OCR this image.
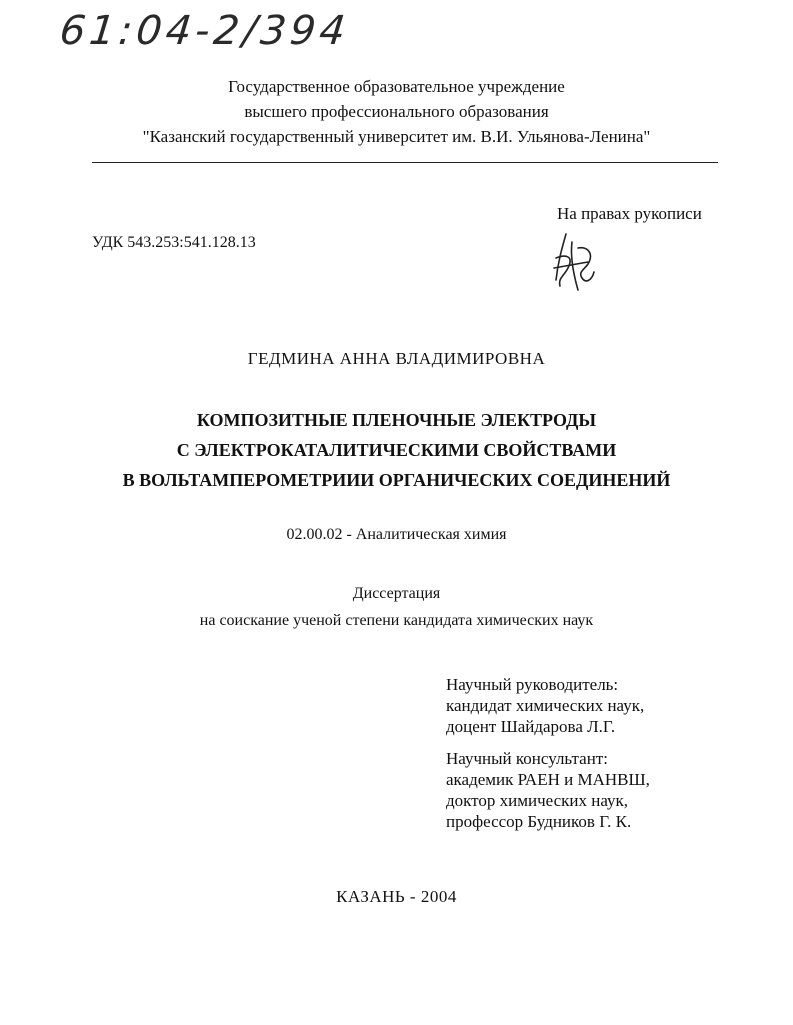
61:04-2/394
Государственное образовательное учреждение
высшего профессионального образования
"Казанский государственный университет им. В.И. Ульянова-Ленина"
На правах рукописи
УДК 543.253:541.128.13
ГЕДМИНА АННА ВЛАДИМИРОВНА
КОМПОЗИТНЫЕ ПЛЕНОЧНЫЕ ЭЛЕКТРОДЫ
С ЭЛЕКТРОКАТАЛИТИЧЕСКИМИ СВОЙСТВАМИ
В ВОЛЬТАМПЕРОМЕТРИИИ ОРГАНИЧЕСКИХ СОЕДИНЕНИЙ
02.00.02 - Аналитическая химия
Диссертация
на соискание ученой степени кандидата химических наук
Научный руководитель:
кандидат химических наук,
доцент Шайдарова Л.Г.
Научный консультант:
академик РАЕН и МАНВШ,
доктор химических наук,
профессор Будников Г. К.
КАЗАНЬ - 2004
